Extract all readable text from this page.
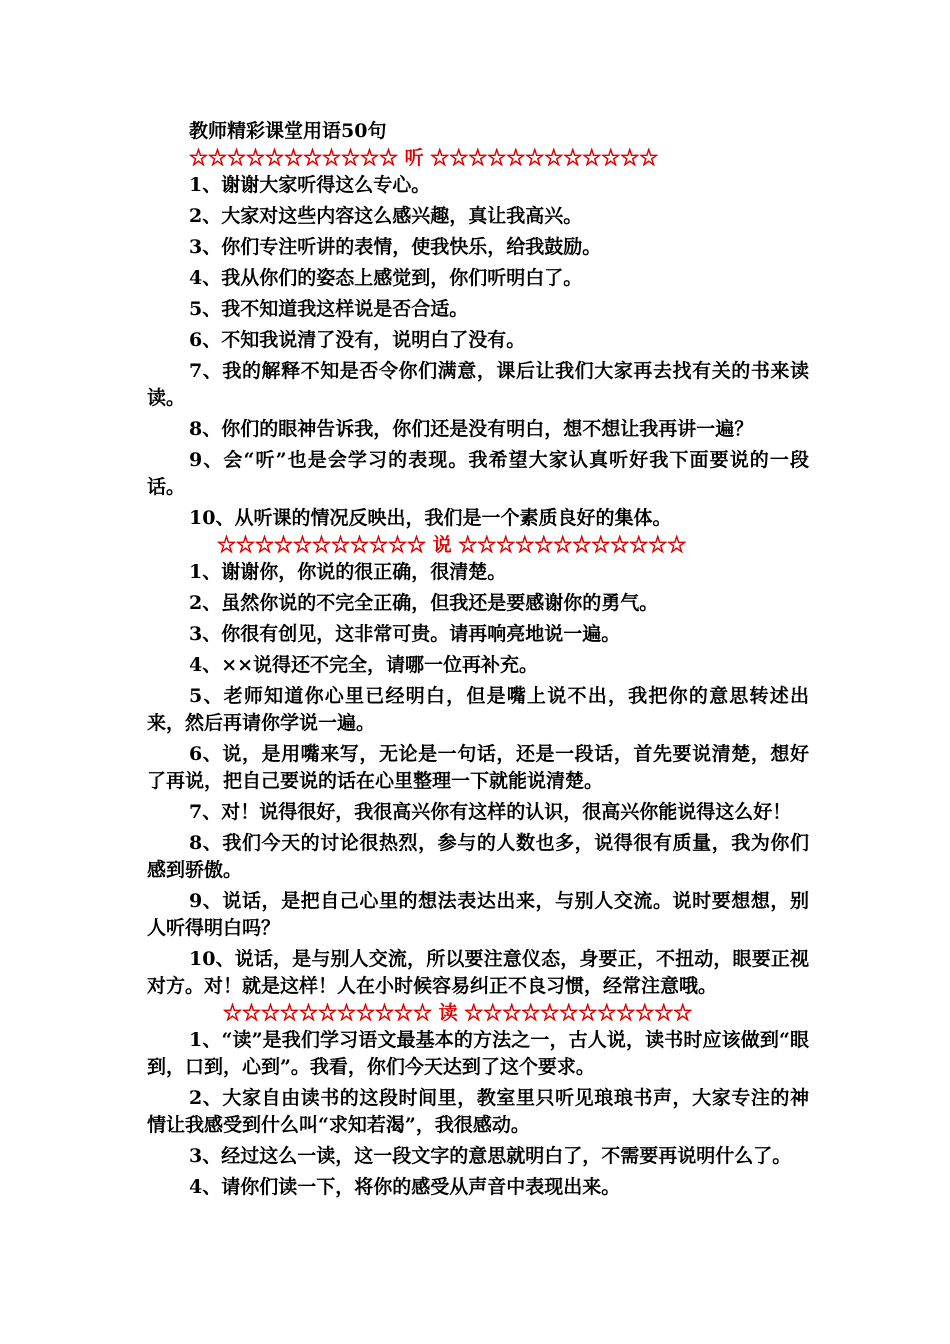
教师精彩课堂用语50句
☆☆☆☆☆☆☆☆☆☆☆ 听 ☆☆☆☆☆☆☆☆☆☆☆☆
1、谢谢大家听得这么专心。
2、大家对这些内容这么感兴趣，真让我高兴。
3、你们专注听讲的表情，使我快乐，给我鼓励。
4、我从你们的姿态上感觉到，你们听明白了。
5、我不知道我这样说是否合适。
6、不知我说清了没有，说明白了没有。
7、我的解释不知是否令你们满意，课后让我们大家再去找有关的书来读读。
8、你们的眼神告诉我，你们还是没有明白，想不想让我再讲一遍？
9、会“听”也是会学习的表现。我希望大家认真听好我下面要说的一段话。
10、从听课的情况反映出，我们是一个素质良好的集体。
☆☆☆☆☆☆☆☆☆☆☆ 说 ☆☆☆☆☆☆☆☆☆☆☆☆
1、谢谢你，你说的很正确，很清楚。
2、虽然你说的不完全正确，但我还是要感谢你的勇气。
3、你很有创见，这非常可贵。请再响亮地说一遍。
4、××说得还不完全，请哪一位再补充。
5、老师知道你心里已经明白，但是嘴上说不出，我把你的意思转述出来，然后再请你学说一遍。
6、说，是用嘴来写，无论是一句话，还是一段话，首先要说清楚，想好了再说，把自己要说的话在心里整理一下就能说清楚。
7、对！说得很好，我很高兴你有这样的认识，很高兴你能说得这么好！
8、我们今天的讨论很热烈，参与的人数也多，说得很有质量，我为你们感到骄傲。
9、说话，是把自己心里的想法表达出来，与别人交流。说时要想想，别人听得明白吗？
10、说话，是与别人交流，所以要注意仪态，身要正，不扭动，眼要正视对方。对！就是这样！人在小时候容易纠正不良习惯，经常注意哦。
☆☆☆☆☆☆☆☆☆☆☆ 读 ☆☆☆☆☆☆☆☆☆☆☆☆
1、“读”是我们学习语文最基本的方法之一，古人说，读书时应该做到“眼到，口到，心到”。我看，你们今天达到了这个要求。
2、大家自由读书的这段时间里，教室里只听见琅琅书声，大家专注的神情让我感受到什么叫“求知若渴”，我很感动。
3、经过这么一读，这一段文字的意思就明白了，不需要再说明什么了。
4、请你们读一下，将你的感受从声音中表现出来。
